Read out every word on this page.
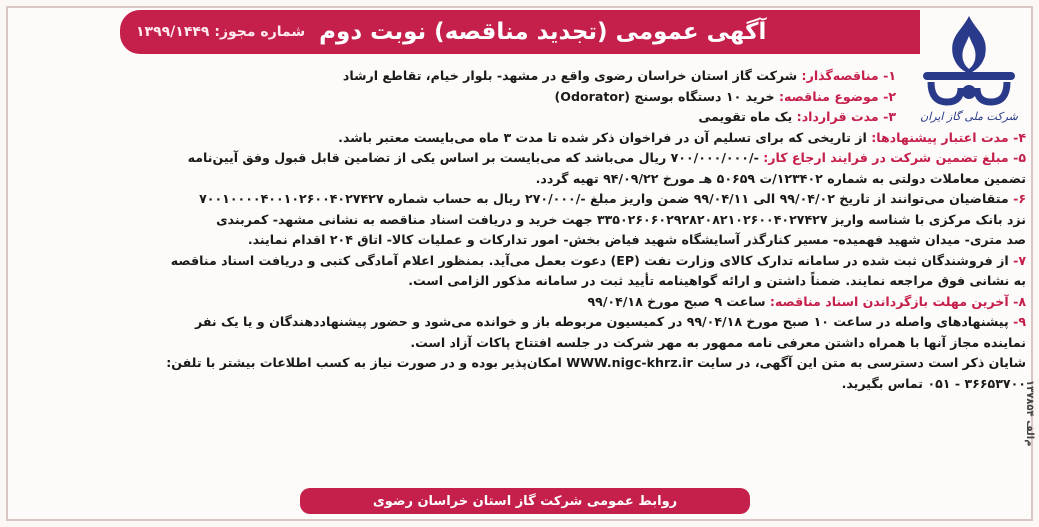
آگهی عمومی (تجدید مناقصه) نوبت دوم
شماره مجوز: ۱۳۹۹/۱۴۴۹
شرکت ملی گاز ایران
۱- مناقصه‌گذار: شرکت گاز استان خراسان رضوی واقع در مشهد- بلوار خیام، تقاطع ارشاد
۲- موضوع مناقصه: خرید ۱۰ دستگاه بوسنج (Odorator)
۳- مدت قرارداد: یک ماه تقویمی
۴- مدت اعتبار پیشنهادها: از تاریخی که برای تسلیم آن در فراخوان ذکر شده تا مدت ۳ ماه می‌بایست معتبر باشد.
۵- مبلغ تضمین شرکت در فرایند ارجاع کار: -/۷۰۰/۰۰۰/۰۰۰ ریال می‌باشد که می‌بایست بر اساس یکی از تضامین قابل قبول وفق آیین‌نامه
تضمین معاملات دولتی به شماره ۱۲۳۴۰۲/ت ۵۰۶۵۹ هـ مورخ ۹۴/۰۹/۲۲ تهیه گردد.
۶- متقاضیان می‌توانند از تاریخ ۹۹/۰۴/۰۲ الی ۹۹/۰۴/۱۱ ضمن واریز مبلغ -/۲۷۰/۰۰۰ ریال به حساب شماره ۷۰۰۱۰۰۰۰۴۰۰۱۰۲۶۰۰۴۰۲۷۴۲۷
نزد بانک مرکزی با شناسه واریز ۳۳۵۰۲۶۰۶۰۲۹۲۸۲۰۸۲۱۰۲۶۰۰۴۰۲۷۴۲۷ جهت خرید و دریافت اسناد مناقصه به نشانی مشهد- کمربندی
صد متری- میدان شهید فهمیده- مسیر کنارگذر آسایشگاه شهید فیاض بخش- امور تدارکات و عملیات کالا- اتاق ۲۰۴ اقدام نمایند.
۷- از فروشندگان ثبت شده در سامانه تدارک کالای وزارت نفت (EP) دعوت بعمل می‌آید. بمنظور اعلام آمادگی کتبی و دریافت اسناد مناقصه
به نشانی فوق مراجعه نمایند. ضمناً داشتن و ارائه گواهینامه تأیید ثبت در سامانه مذکور الزامی است.
۸- آخرین مهلت بازگرداندن اسناد مناقصه: ساعت ۹ صبح مورخ ۹۹/۰۴/۱۸
۹- پیشنهادهای واصله در ساعت ۱۰ صبح مورخ ۹۹/۰۴/۱۸ در کمیسیون مربوطه باز و خوانده می‌شود و حضور پیشنهاددهندگان و یا یک نفر
نماینده مجاز آنها با همراه داشتن معرفی نامه ممهور به مهر شرکت در جلسه افتتاح پاکات آزاد است.
شایان ذکر است دسترسی به متن این آگهی، در سایت WWW.nigc-khrz.ir امکان‌پذیر بوده و در صورت نیاز به کسب اطلاعات بیشتر با تلفن:
۳۶۶۵۳۷۰۰ - ۰۵۱ تماس بگیرید.
روابط عمومی شرکت گاز استان خراسان رضوی
م‌الف ۱۳۷۸۵۴
